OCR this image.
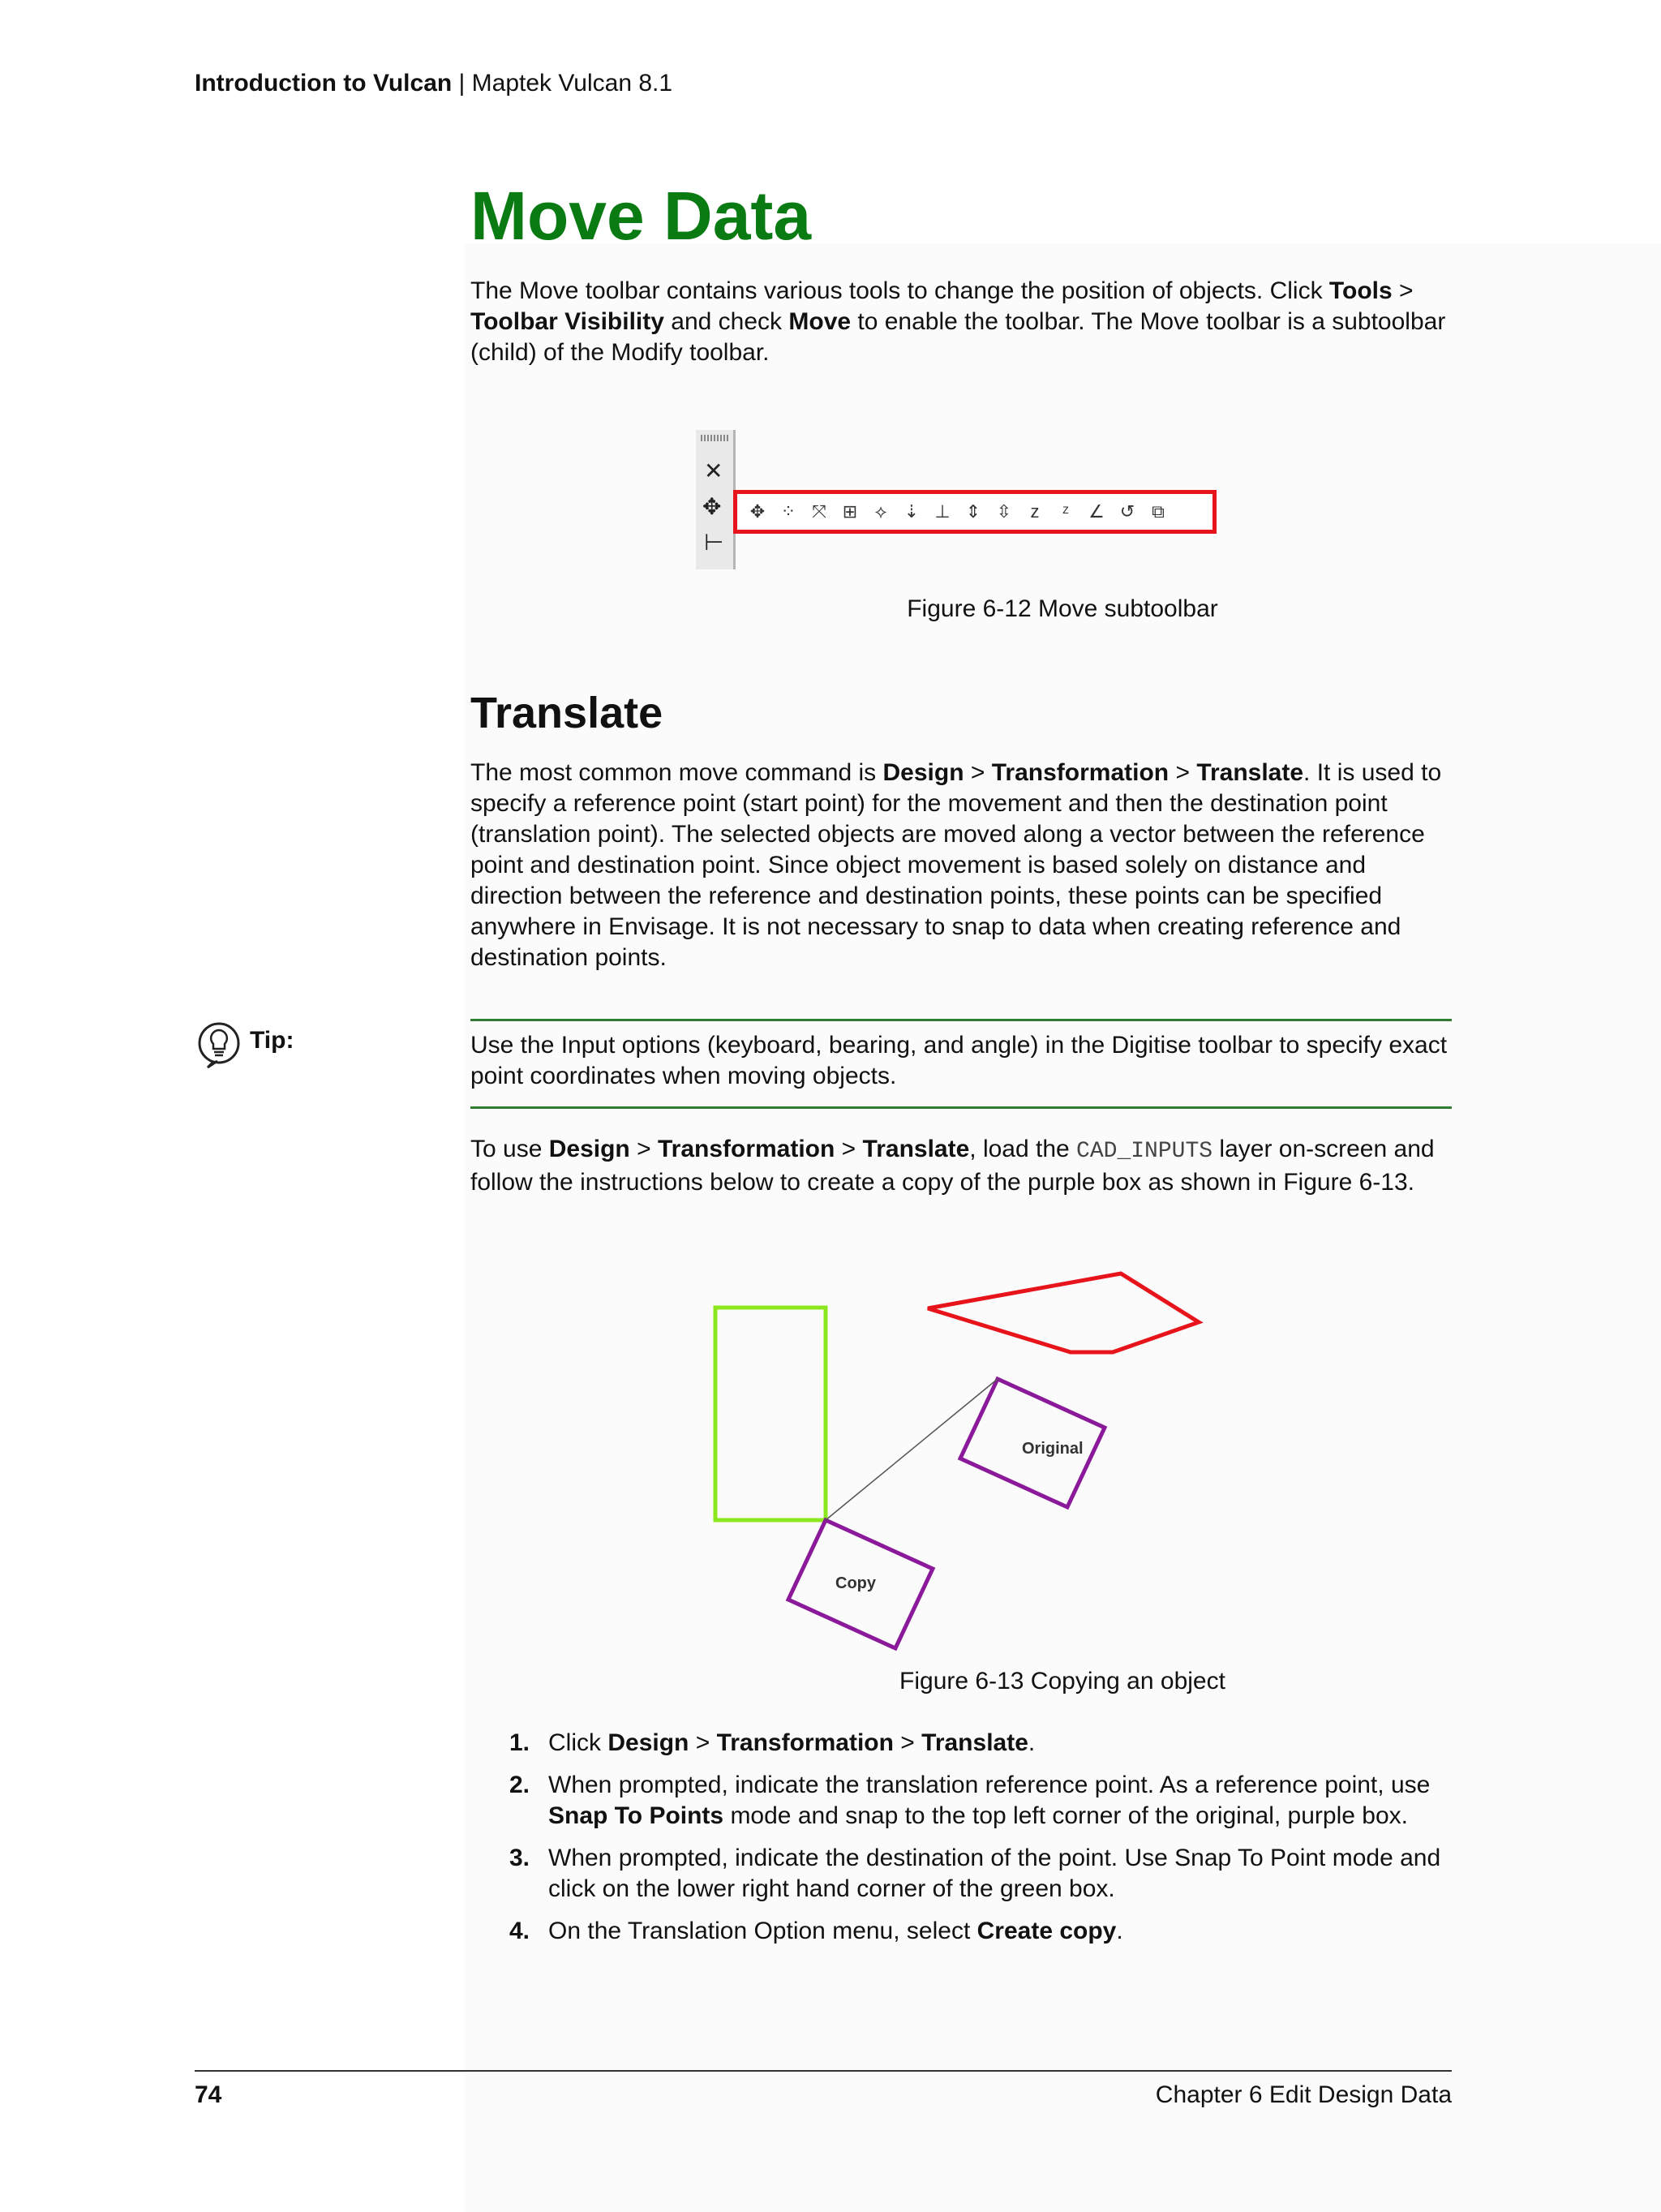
Introduction to Vulcan | Maptek Vulcan 8.1
Move Data

The Move toolbar contains various tools to change the position of objects. Click Tools > Toolbar Visibility and check Move to enable the toolbar. The Move toolbar is a subtoolbar (child) of the Modify toolbar.

✕
✥
⊢
✥ ⁘ ⤧ ⊞ ⟡ ⇣ ⊥ ⇕ ⇳	z	ᶻ	∠ ↺ ⧉
Figure 6-12 Move subtoolbar
Translate

The most common move command is Design > Transformation > Translate. It is used to specify a reference point (start point) for the movement and then the destination point (translation point). The selected objects are moved along a vector between the reference point and destination point. Since object movement is based solely on distance and direction between the reference and destination points, these points can be specified anywhere in Envisage. It is not necessary to snap to data when creating reference and destination points.

Tip:	Use the Input options (keyboard, bearing, and angle) in the Digitise toolbar to specify exact point coordinates when moving objects.

To use Design > Transformation > Translate, load the CAD_INPUTS layer on-screen and follow the instructions below to create a copy of the purple box as shown in Figure 6-13.

Original
Copy
Figure 6-13 Copying an object
1. Click Design > Transformation > Translate.
2. When prompted, indicate the translation reference point. As a reference point, use Snap To Points mode and snap to the top left corner of the original, purple box.
3. When prompted, indicate the destination of the point. Use Snap To Point mode and click on the lower right hand corner of the green box.
4. On the Translation Option menu, select Create copy.
74	Chapter 6 Edit Design Data
